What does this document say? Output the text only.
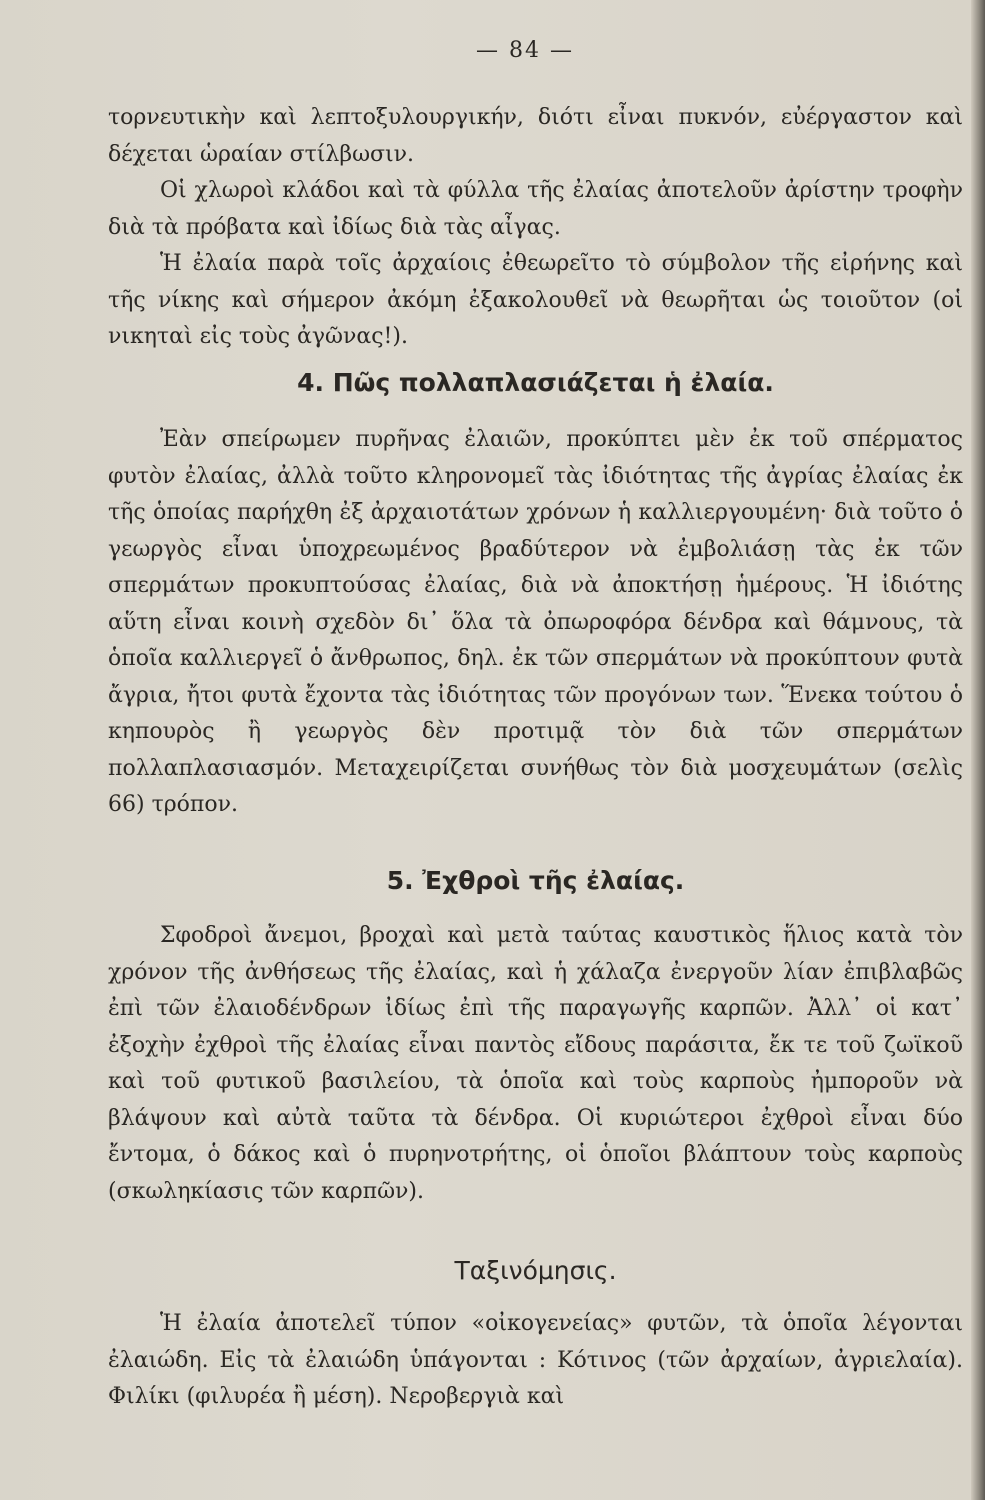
— 84 —

τορνευτικὴν καὶ λεπτοξυλουργικήν, διότι εἶναι πυκνόν, εὐέργαστον καὶ δέχεται ὡραίαν στίλβωσιν.

Οἱ χλωροὶ κλάδοι καὶ τὰ φύλλα τῆς ἐλαίας ἀποτελοῦν ἀρίστην τροφὴν διὰ τὰ πρόβατα καὶ ἰδίως διὰ τὰς αἶγας.

Ἡ ἐλαία παρὰ τοῖς ἀρχαίοις ἐθεωρεῖτο τὸ σύμβολον τῆς εἰρήνης καὶ τῆς νίκης καὶ σήμερον ἀκόμη ἐξακολουθεῖ νὰ θεωρῆται ὡς τοιοῦτον (οἱ νικηταὶ εἰς τοὺς ἀγῶνας!).

4. Πῶς πολλαπλασιάζεται ἡ ἐλαία.

Ἐὰν σπείρωμεν πυρῆνας ἐλαιῶν, προκύπτει μὲν ἐκ τοῦ σπέρματος φυτὸν ἐλαίας, ἀλλὰ τοῦτο κληρονομεῖ τὰς ἰδιότητας τῆς ἀγρίας ἐλαίας ἐκ τῆς ὁποίας παρήχθη ἐξ ἀρχαιοτάτων χρόνων ἡ καλλιεργουμένη· διὰ τοῦτο ὁ γεωργὸς εἶναι ὑποχρεωμένος βραδύτερον νὰ ἐμβολιάσῃ τὰς ἐκ τῶν σπερμάτων προκυπτούσας ἐλαίας, διὰ νὰ ἀποκτήσῃ ἡμέρους. Ἡ ἰδιότης αὕτη εἶναι κοινὴ σχεδὸν δι᾽ ὅλα τὰ ὀπωροφόρα δένδρα καὶ θάμνους, τὰ ὁποῖα καλλιεργεῖ ὁ ἄνθρωπος, δηλ. ἐκ τῶν σπερμάτων νὰ προκύπτουν φυτὰ ἄγρια, ἤτοι φυτὰ ἔχοντα τὰς ἰδιότητας τῶν προγόνων των. Ἕνεκα τούτου ὁ κηπουρὸς ἢ γεωργὸς δὲν προτιμᾷ τὸν διὰ τῶν σπερμάτων πολλαπλασιασμόν. Μεταχειρίζεται συνήθως τὸν διὰ μοσχευμάτων (σελὶς 66) τρόπον.

5. Ἐχθροὶ τῆς ἐλαίας.

Σφοδροὶ ἄνεμοι, βροχαὶ καὶ μετὰ ταύτας καυστικὸς ἥλιος κατὰ τὸν χρόνον τῆς ἀνθήσεως τῆς ἐλαίας, καὶ ἡ χάλαζα ἐνεργοῦν λίαν ἐπιβλαβῶς ἐπὶ τῶν ἐλαιοδένδρων ἰδίως ἐπὶ τῆς παραγωγῆς καρπῶν. Ἀλλ᾽ οἱ κατ᾽ ἐξοχὴν ἐχθροὶ τῆς ἐλαίας εἶναι παντὸς εἴδους παράσιτα, ἔκ τε τοῦ ζωϊκοῦ καὶ τοῦ φυτικοῦ βασιλείου, τὰ ὁποῖα καὶ τοὺς καρποὺς ἠμποροῦν νὰ βλάψουν καὶ αὐτὰ ταῦτα τὰ δένδρα. Οἱ κυριώτεροι ἐχθροὶ εἶναι δύο ἔντομα, ὁ δάκος καὶ ὁ πυρηνοτρήτης, οἱ ὁποῖοι βλάπτουν τοὺς καρποὺς (σκωληκίασις τῶν καρπῶν).

Ταξινόμησις.

Ἡ ἐλαία ἀποτελεῖ τύπον «οἰκογενείας» φυτῶν, τὰ ὁποῖα λέγονται ἐλαιώδη. Εἰς τὰ ἐλαιώδη ὑπάγονται : Κότινος (τῶν ἀρχαίων, ἀγριελαία). Φιλίκι (φιλυρέα ἢ μέση). Νεροβεργιὰ καὶ
